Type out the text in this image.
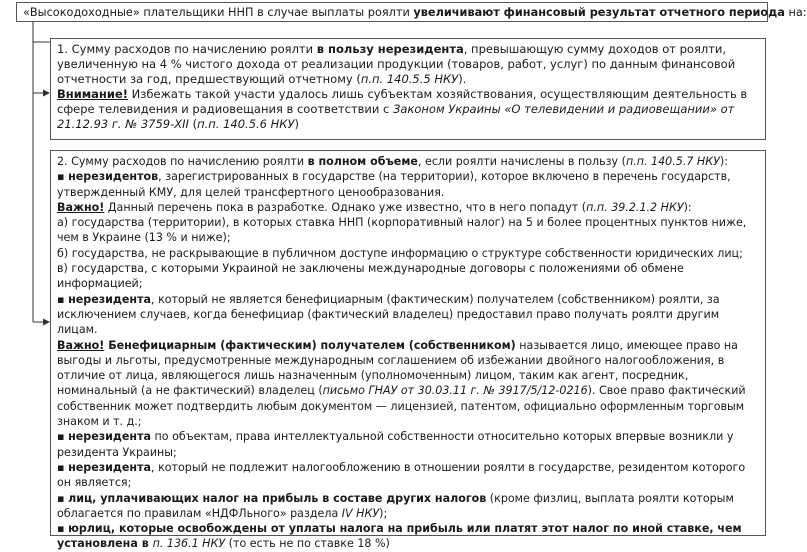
«Высокодоходные» плательщики ННП в случае выплаты роялти увеличивают финансовый результат отчетного периода на:

1. Сумму расходов по начислению роялти в пользу нерезидента, превышающую сумму доходов от роялти, увеличенную на 4 % чистого дохода от реализации продукции (товаров, работ, услуг) по данным финансовой отчетности за год, предшествующий отчетному (п.п. 140.5.5 НКУ).

Внимание! Избежать такой участи удалось лишь субъектам хозяйствования, осуществляющим деятельность в сфере телевидения и радиовещания в соответствии с Законом Украины «О телевидении и радиовещании» от 21.12.93 г. № 3759-XII (п.п. 140.5.6 НКУ)

2. Сумму расходов по начислению роялти в полном объеме, если роялти начислены в пользу (п.п. 140.5.7 НКУ):

▪ нерезидентов, зарегистрированных в государстве (на территории), которое включено в перечень государств, утвержденный КМУ, для целей трансфертного ценообразования.

Важно! Данный перечень пока в разработке. Однако уже известно, что в него попадут (п.п. 39.2.1.2 НКУ):

а) государства (территории), в которых ставка ННП (корпоративный налог) на 5 и более процентных пунктов ниже, чем в Украине (13 % и ниже);

б) государства, не раскрывающие в публичном доступе информацию о структуре собственности юридических лиц;

в) государства, с которыми Украиной не заключены международные договоры с положениями об обмене информацией;

▪ нерезидента, который не является бенефициарным (фактическим) получателем (собственником) роялти, за исключением случаев, когда бенефициар (фактический владелец) предоставил право получать роялти другим лицам.

Важно! Бенефициарным (фактическим) получателем (собственником) называется лицо, имеющее право на выгоды и льготы, предусмотренные международным соглашением об избежании двойного налогообложения, в отличие от лица, являющегося лишь назначенным (уполномоченным) лицом, таким как агент, посредник, номинальный (а не фактический) владелец (письмо ГНАУ от 30.03.11 г. № 3917/5/12-0216). Свое право фактический собственник может подтвердить любым документом — лицензией, патентом, официально оформленным торговым знаком и т. д.;

▪ нерезидента по объектам, права интеллектуальной собственности относительно которых впервые возникли у резидента Украины;

▪ нерезидента, который не подлежит налогообложению в отношении роялти в государстве, резидентом которого он является;

▪ лиц, уплачивающих налог на прибыль в составе других налогов (кроме физлиц, выплата роялти которым облагается по правилам «НДФЛьного» раздела IV НКУ);

▪ юрлиц, которые освобождены от уплаты налога на прибыль или платят этот налог по иной ставке, чем установлена в п. 136.1 НКУ (то есть не по ставке 18 %)
